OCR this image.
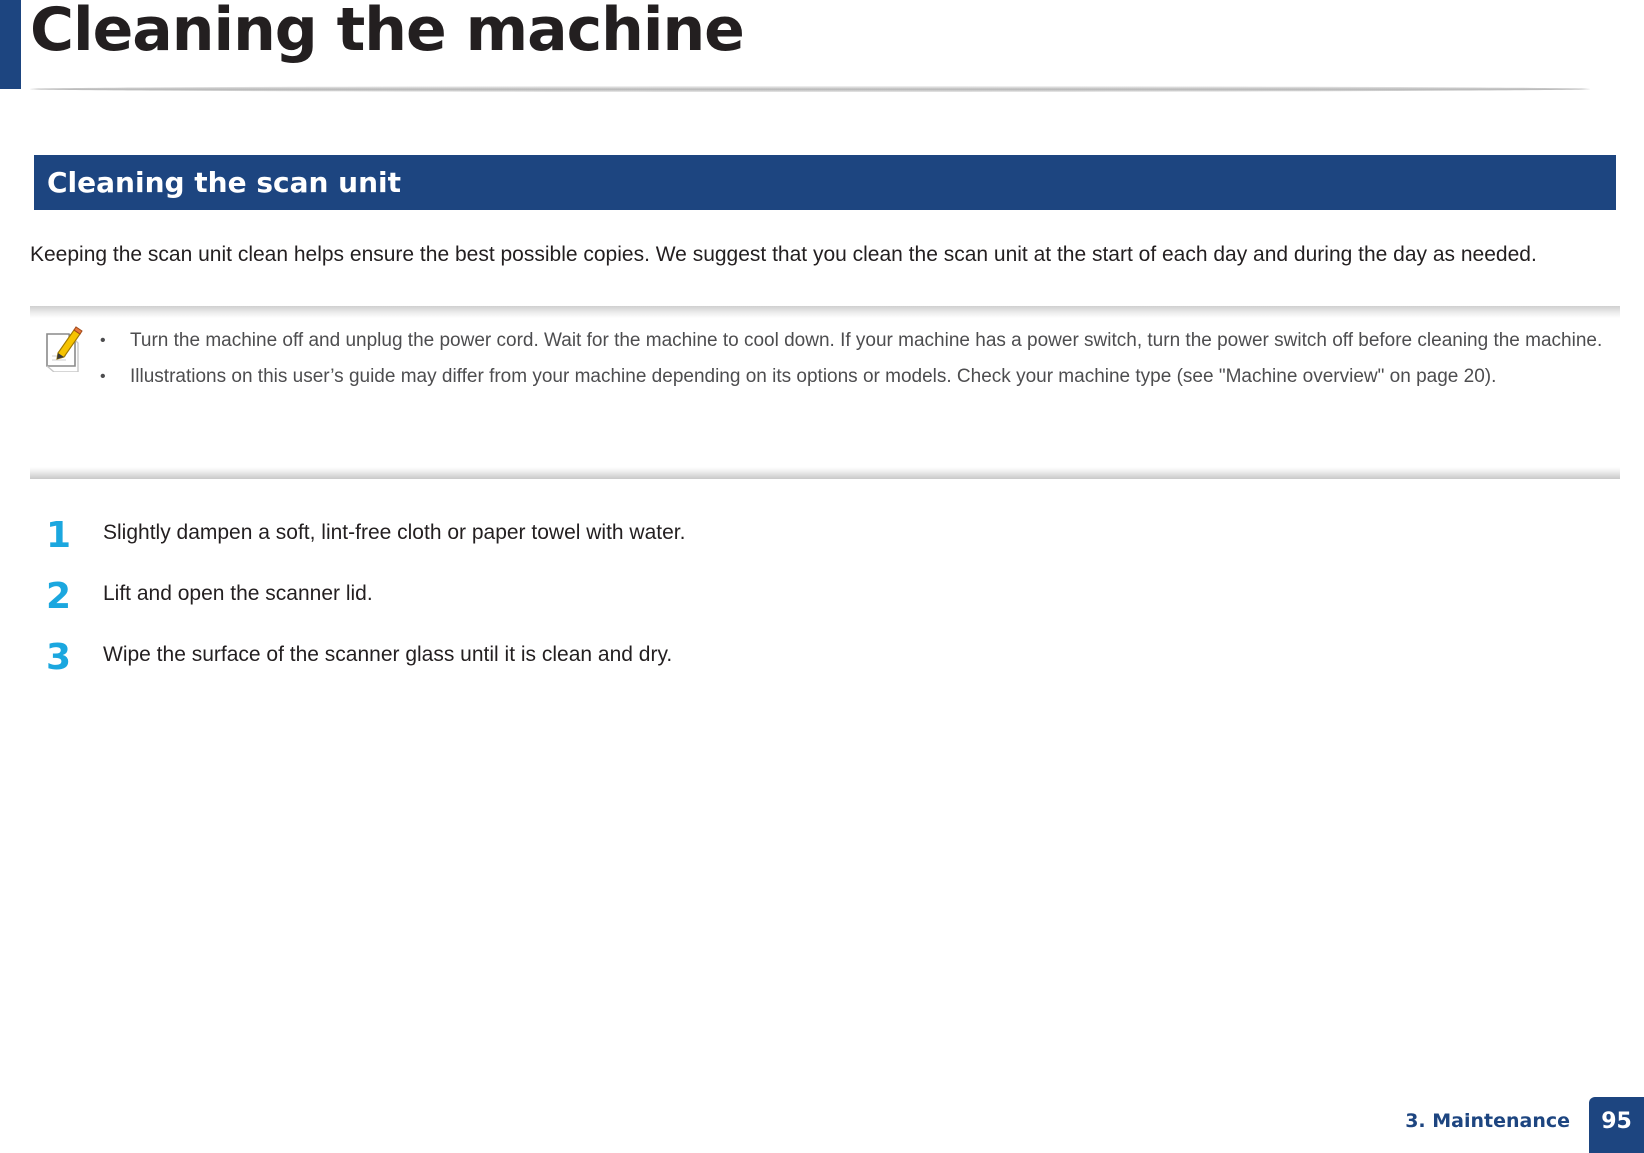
Cleaning the machine
Cleaning the scan unit

Keeping the scan unit clean helps ensure the best possible copies. We suggest that you clean the scan unit at the start of each day and during the day as needed.

• Turn the machine off and unplug the power cord. Wait for the machine to cool down. If your machine has a power switch, turn the power switch off before cleaning the machine.
• Illustrations on this user’s guide may differ from your machine depending on its options or models. Check your machine type (see "Machine overview" on page 20).
1 Slightly dampen a soft, lint-free cloth or paper towel with water.
2 Lift and open the scanner lid.
3 Wipe the surface of the scanner glass until it is clean and dry.
3. Maintenance 95
